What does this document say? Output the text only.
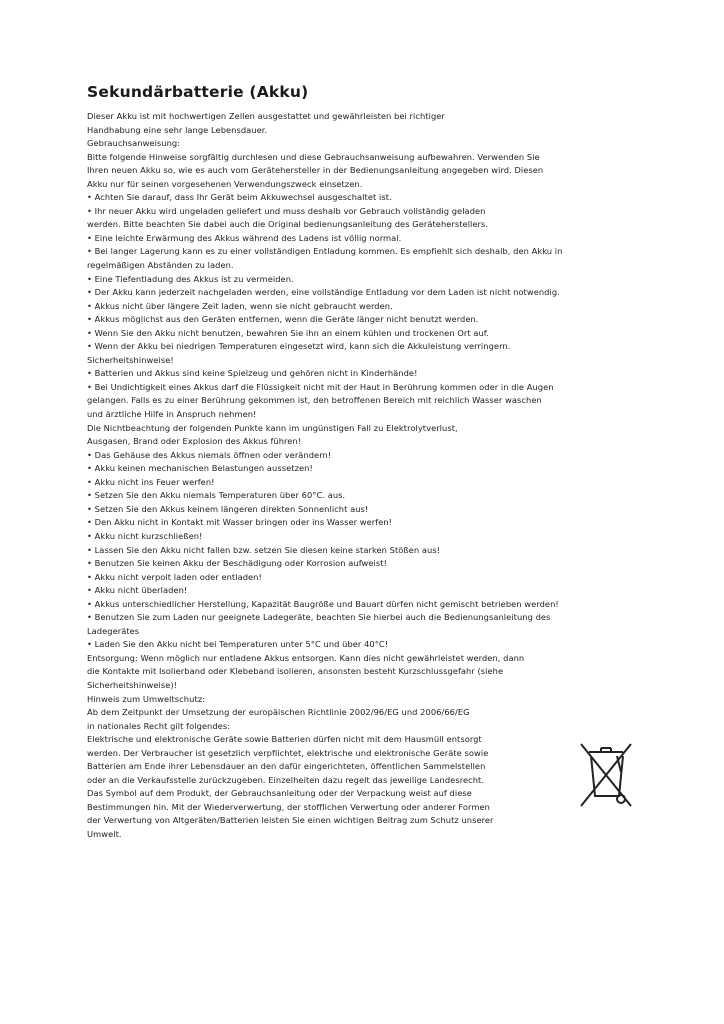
Sekundärbatterie (Akku)
Dieser Akku ist mit hochwertigen Zellen ausgestattet und gewährleisten bei richtiger
Handhabung eine sehr lange Lebensdauer.
Gebrauchsanweisung:
Bitte folgende Hinweise sorgfältig durchlesen und diese Gebrauchsanweisung aufbewahren. Verwenden Sie
Ihren neuen Akku so, wie es auch vom Gerätehersteller in der Bedienungsanleitung angegeben wird. Diesen
Akku nur für seinen vorgesehenen Verwendungszweck einsetzen.
• Achten Sie darauf, dass Ihr Gerät beim Akkuwechsel ausgeschaltet ist.
• Ihr neuer Akku wird ungeladen geliefert und muss deshalb vor Gebrauch vollständig geladen
werden. Bitte beachten Sie dabei auch die Original bedienungsanleitung des Geräteherstellers.
• Eine leichte Erwärmung des Akkus während des Ladens ist völlig normal.
• Bei langer Lagerung kann es zu einer vollständigen Entladung kommen. Es empfiehlt sich deshalb, den Akku in
regelmäßigen Abständen zu laden.
• Eine Tiefentladung des Akkus ist zu vermeiden.
• Der Akku kann jederzeit nachgeladen werden, eine vollständige Entladung vor dem Laden ist nicht notwendig.
• Akkus nicht über längere Zeit laden, wenn sie nicht gebraucht werden.
• Akkus möglichst aus den Geräten entfernen, wenn die Geräte länger nicht benutzt werden.
• Wenn Sie den Akku nicht benutzen, bewahren Sie ihn an einem kühlen und trockenen Ort auf.
• Wenn der Akku bei niedrigen Temperaturen eingesetzt wird, kann sich die Akkuleistung verringern.
Sicherheitshinweise!
• Batterien und Akkus sind keine Spielzeug und gehören nicht in Kinderhände!
• Bei Undichtigkeit eines Akkus darf die Flüssigkeit nicht mit der Haut in Berührung kommen oder in die Augen
gelangen. Falls es zu einer Berührung gekommen ist, den betroffenen Bereich mit reichlich Wasser waschen
und ärztliche Hilfe in Anspruch nehmen!
Die Nichtbeachtung der folgenden Punkte kann im ungünstigen Fall zu Elektrolytverlust,
Ausgasen, Brand oder Explosion des Akkus führen!
• Das Gehäuse des Akkus niemals öffnen oder verändern!
• Akku keinen mechanischen Belastungen aussetzen!
• Akku nicht ins Feuer werfen!
• Setzen Sie den Akku niemals Temperaturen über 60°C. aus.
• Setzen Sie den Akkus keinem längeren direkten Sonnenlicht aus!
• Den Akku nicht in Kontakt mit Wasser bringen oder ins Wasser werfen!
• Akku nicht kurzschließen!
• Lassen Sie den Akku nicht fallen bzw. setzen Sie diesen keine starken Stößen aus!
• Benutzen Sie keinen Akku der Beschädigung oder Korrosion aufweist!
• Akku nicht verpolt laden oder entladen!
• Akku nicht überladen!
• Akkus unterschiedlicher Herstellung, Kapazität Baugröße und Bauart dürfen nicht gemischt betrieben werden!
• Benutzen Sie zum Laden nur geeignete Ladegeräte, beachten Sie hierbei auch die Bedienungsanleitung des
Ladegerätes
• Laden Sie den Akku nicht bei Temperaturen unter 5°C und über 40°C!
Entsorgung: Wenn möglich nur entladene Akkus entsorgen. Kann dies nicht gewährleistet werden, dann
die Kontakte mit Isolierband oder Klebeband isolieren, ansonsten besteht Kurzschlussgefahr (siehe
Sicherheitshinweise)!
Hinweis zum Umweltschutz:
Ab dem Zeitpunkt der Umsetzung der europäischen Richtlinie 2002/96/EG und 2006/66/EG
in nationales Recht gilt folgendes:
Elektrische und elektronische Geräte sowie Batterien dürfen nicht mit dem Hausmüll entsorgt
werden. Der Verbraucher ist gesetzlich verpflichtet, elektrische und elektronische Geräte sowie
Batterien am Ende ihrer Lebensdauer an den dafür eingerichteten, öffentlichen Sammelstellen
oder an die Verkaufsstelle zurückzugeben. Einzelheiten dazu regelt das jeweilige Landesrecht.
Das Symbol auf dem Produkt, der Gebrauchsanleitung oder der Verpackung weist auf diese
Bestimmungen hin. Mit der Wiederverwertung, der stofflichen Verwertung oder anderer Formen
der Verwertung von Altgeräten/Batterien leisten Sie einen wichtigen Beitrag zum Schutz unserer
Umwelt.
